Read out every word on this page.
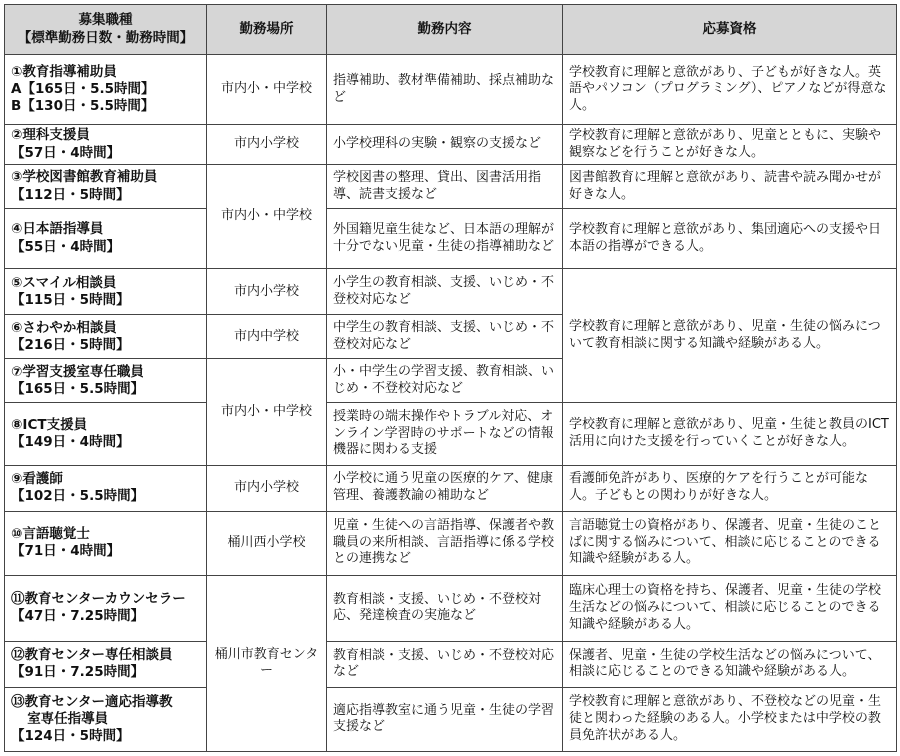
募集職種
【標準勤務日数・勤務時間】	勤務場所	勤務内容	応募資格

①教育指導補助員
A【165日・5.5時間】
B【130日・5.5時間】	市内小・中学校	指導補助、教材準備補助、採点補助など	学校教育に理解と意欲があり、子どもが好きな人。英語やパソコン（プログラミング）、ピアノなどが得意な人。

②理科支援員
【57日・4時間】	市内小学校	小学校理科の実験・観察の支援など	学校教育に理解と意欲があり、児童とともに、実験や観察などを行うことが好きな人。

③学校図書館教育補助員
【112日・5時間】	市内小・中学校	学校図書の整理、貸出、図書活用指導、読書支援など	図書館教育に理解と意欲があり、読書や読み聞かせが好きな人。

④日本語指導員
【55日・4時間】		外国籍児童生徒など、日本語の理解が十分でない児童・生徒の指導補助など	学校教育に理解と意欲があり、集団適応への支援や日本語の指導ができる人。

⑤スマイル相談員
【115日・5時間】	市内小学校	小学生の教育相談、支援、いじめ・不登校対応など	学校教育に理解と意欲があり、児童・生徒の悩みについて教育相談に関する知識や経験がある人。

⑥さわやか相談員
【216日・5時間】	市内中学校	中学生の教育相談、支援、いじめ・不登校対応など	

⑦学習支援室専任職員
【165日・5.5時間】	市内小・中学校	小・中学生の学習支援、教育相談、いじめ・不登校対応など	

⑧ICT支援員
【149日・4時間】		授業時の端末操作やトラブル対応、オンライン学習時のサポートなどの情報機器に関わる支援	学校教育に理解と意欲があり、児童・生徒と教員のICT活用に向けた支援を行っていくことが好きな人。

⑨看護師
【102日・5.5時間】	市内小学校	小学校に通う児童の医療的ケア、健康管理、養護教諭の補助など	看護師免許があり、医療的ケアを行うことが可能な人。子どもとの関わりが好きな人。

⑩言語聴覚士
【71日・4時間】	桶川西小学校	児童・生徒への言語指導、保護者や教職員の来所相談、言語指導に係る学校との連携など	言語聴覚士の資格があり、保護者、児童・生徒のことばに関する悩みについて、相談に応じることのできる知識や経験がある人。

⑪教育センターカウンセラー
【47日・7.25時間】	桶川市教育センター	教育相談・支援、いじめ・不登校対応、発達検査の実施など	臨床心理士の資格を持ち、保護者、児童・生徒の学校生活などの悩みについて、相談に応じることのできる知識や経験がある人。

⑫教育センター専任相談員
【91日・7.25時間】		教育相談・支援、いじめ・不登校対応など	保護者、児童・生徒の学校生活などの悩みについて、相談に応じることのできる知識や経験がある人。

⑬教育センター適応指導教
室専任指導員
【124日・5時間】		適応指導教室に通う児童・生徒の学習支援など	学校教育に理解と意欲があり、不登校などの児童・生徒と関わった経験のある人。小学校または中学校の教員免許状がある人。
